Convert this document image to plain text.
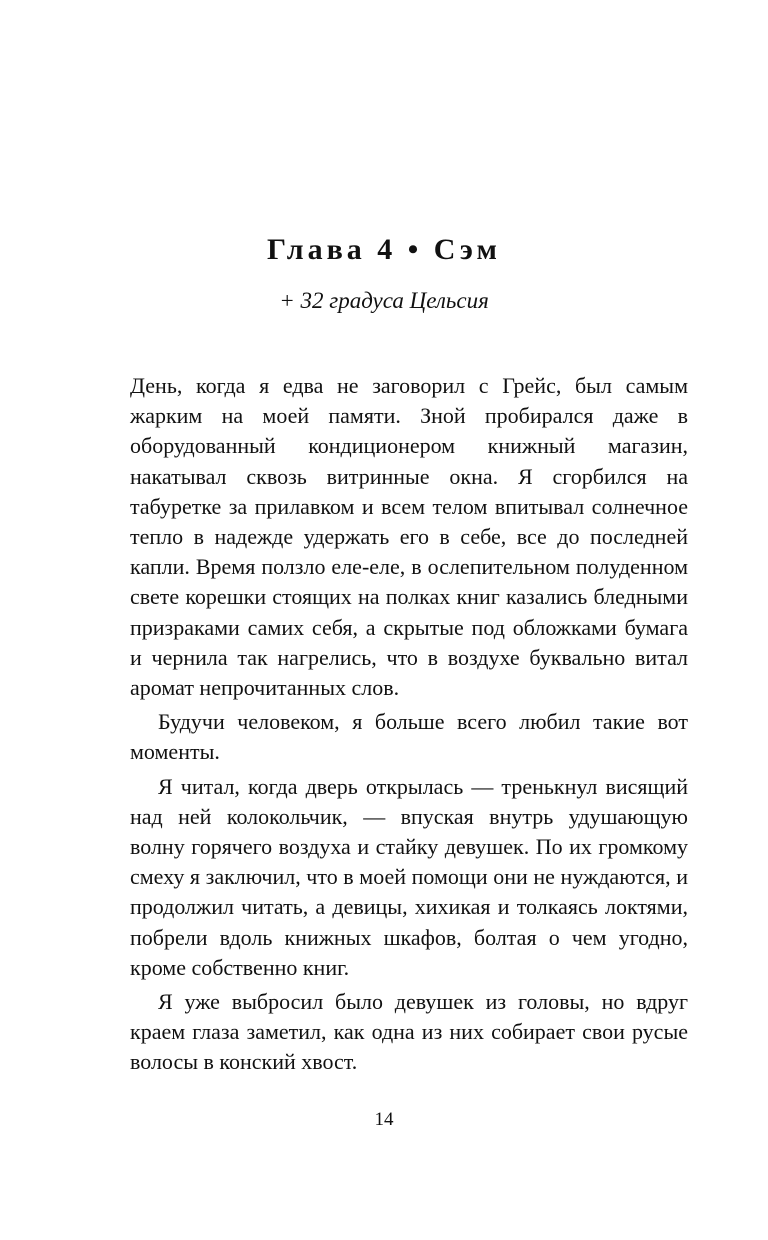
Глава 4 • Сэм
+ 32 градуса Цельсия

День, когда я едва не заговорил с Грейс, был самым жарким на моей памяти. Зной пробирался даже в оборудованный кондиционером книжный магазин, накатывал сквозь витринные окна. Я сгорбился на табуретке за прилавком и всем телом впитывал солнечное тепло в надежде удержать его в себе, все до последней капли. Время ползло еле-еле, в ослепительном полуденном свете корешки стоящих на полках книг казались бледными призраками самих себя, а скрытые под обложками бумага и чернила так нагрелись, что в воздухе буквально витал аромат непрочитанных слов.

Будучи человеком, я больше всего любил такие вот моменты.

Я читал, когда дверь открылась — тренькнул висящий над ней колокольчик, — впуская внутрь удушающую волну горячего воздуха и стайку девушек. По их громкому смеху я заключил, что в моей помощи они не нуждаются, и продолжил читать, а девицы, хихикая и толкаясь локтями, побрели вдоль книжных шкафов, болтая о чем угодно, кроме собственно книг.

Я уже выбросил было девушек из головы, но вдруг краем глаза заметил, как одна из них собирает свои русые волосы в конский хвост.

14
